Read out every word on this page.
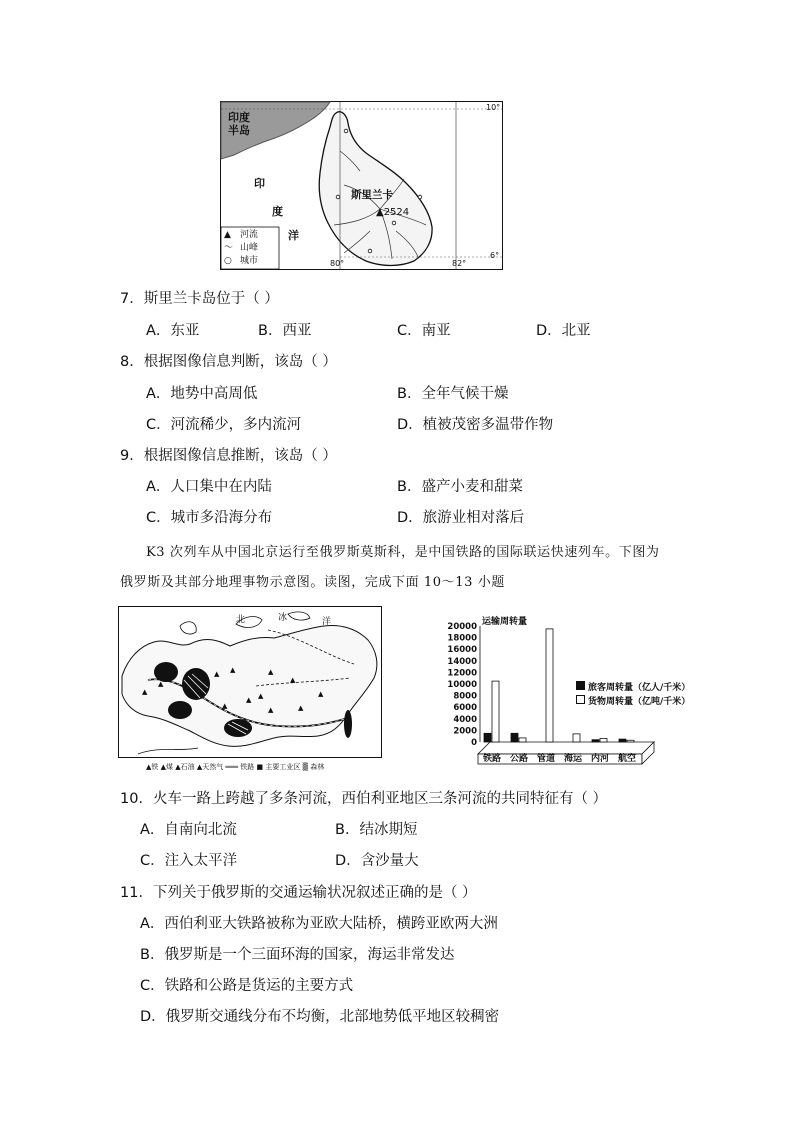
印度
半岛
印
度
洋
斯里兰卡
▲2524
10°
6°
80°	82°
▲ 河流
～ 山峰
○ 城市
7．斯里兰卡岛位于（ ）
A．东亚	B．西亚	C．南亚	D．北亚
8．根据图像信息判断，该岛（ ）
A．地势中高周低	B．全年气候干燥
C．河流稀少，多内流河	D．植被茂密多温带作物
9．根据图像信息推断，该岛（ ）
A．人口集中在内陆	B．盛产小麦和甜菜
C．城市多沿海分布	D．旅游业相对落后
K3 次列车从中国北京运行至俄罗斯莫斯科，是中国铁路的国际联运快速列车。下图为
俄罗斯及其部分地理事物示意图。读图，完成下面 10～13 小题
▲ ▲	▲
▲
▲
▲
▲
▲	▲	▲
▲
▲
北	冰	洋
▲铁 ▲煤 ▲石油 ▲天然气 ═══ 铁路 ■ 主要工业区 ▒ 森林
20000
18000
16000
14000
12000
10000
8000
6000
4000
2000
0
铁路 公路 管道 海运 内河 航空
运输周转量
旅客周转量（亿人/千米）
货物周转量（亿吨/千米）
10．火车一路上跨越了多条河流，西伯利亚地区三条河流的共同特征有（ ）
A．自南向北流	B．结冰期短
C．注入太平洋	D．含沙量大
11．下列关于俄罗斯的交通运输状况叙述正确的是（ ）
A．西伯利亚大铁路被称为亚欧大陆桥，横跨亚欧两大洲
B．俄罗斯是一个三面环海的国家，海运非常发达
C．铁路和公路是货运的主要方式
D．俄罗斯交通线分布不均衡，北部地势低平地区较稠密
